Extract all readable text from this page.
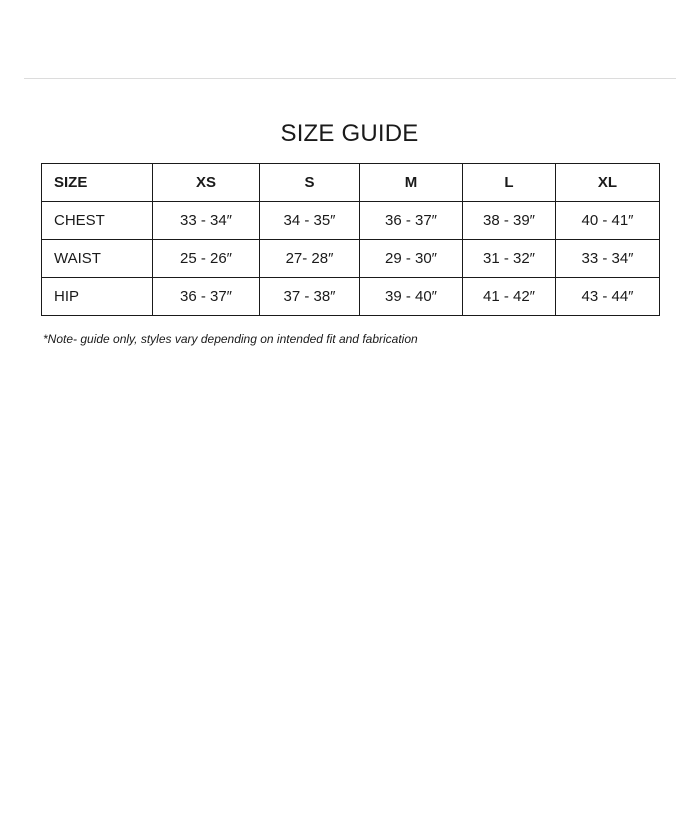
SIZE GUIDE
SIZE	XS	S	M	L	XL
CHEST	33 - 34″	34 - 35″	36 - 37″	38 - 39″	40 - 41″
WAIST	25 - 26″	27- 28″	29 - 30″	31 - 32″	33 - 34″
HIP	36 - 37″	37 - 38″	39 - 40″	41 - 42″	43 - 44″
*Note- guide only, styles vary depending on intended fit and fabrication
